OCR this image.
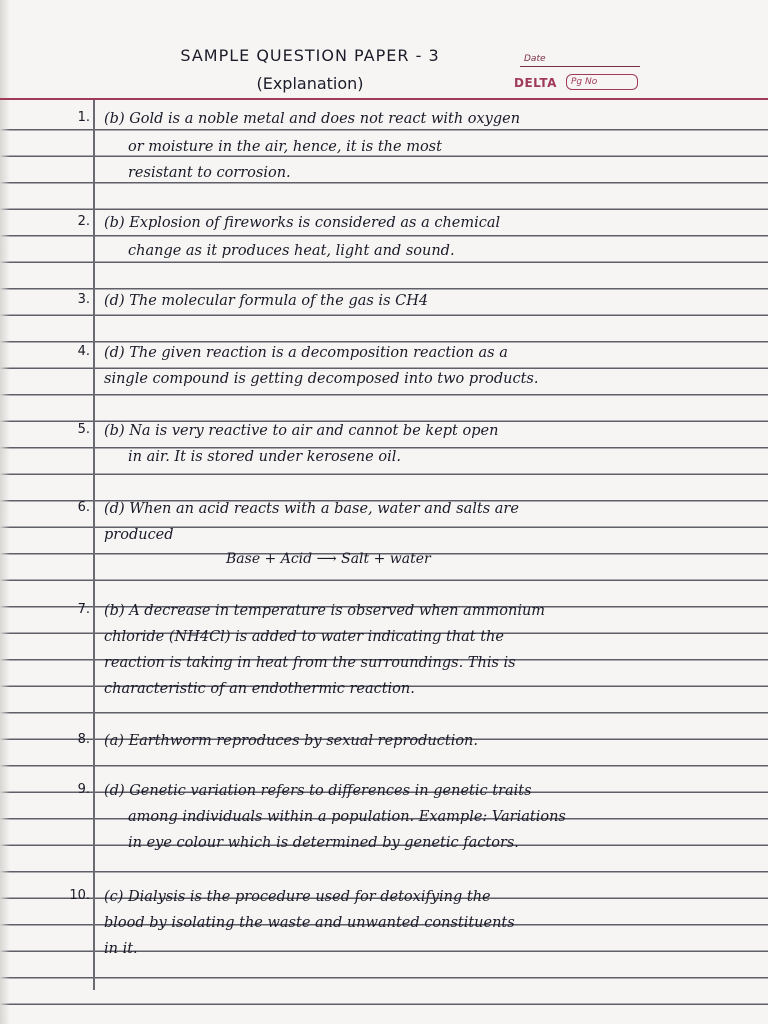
SAMPLE QUESTION PAPER - 3
(Explanation)
Date
DELTA	Pg No
1. (b) Gold is a noble metal and does not react with oxygen
or moisture in the air, hence, it is the most
resistant to corrosion.
2. (b) Explosion of fireworks is considered as a chemical
change as it produces heat, light and sound.
3. (d) The molecular formula of the gas is CH4
4. (d) The given reaction is a decomposition reaction as a
single compound is getting decomposed into two products.
5. (b) Na is very reactive to air and cannot be kept open
in air. It is stored under kerosene oil.
6. (d) When an acid reacts with a base, water and salts are
produced
Base + Acid ⟶ Salt + water
7. (b) A decrease in temperature is observed when ammonium
chloride (NH4Cl) is added to water indicating that the
reaction is taking in heat from the surroundings. This is
characteristic of an endothermic reaction.
8. (a) Earthworm reproduces by sexual reproduction.
9. (d) Genetic variation refers to differences in genetic traits
among individuals within a population. Example: Variations
in eye colour which is determined by genetic factors.
10. (c) Dialysis is the procedure used for detoxifying the
blood by isolating the waste and unwanted constituents
in it.
